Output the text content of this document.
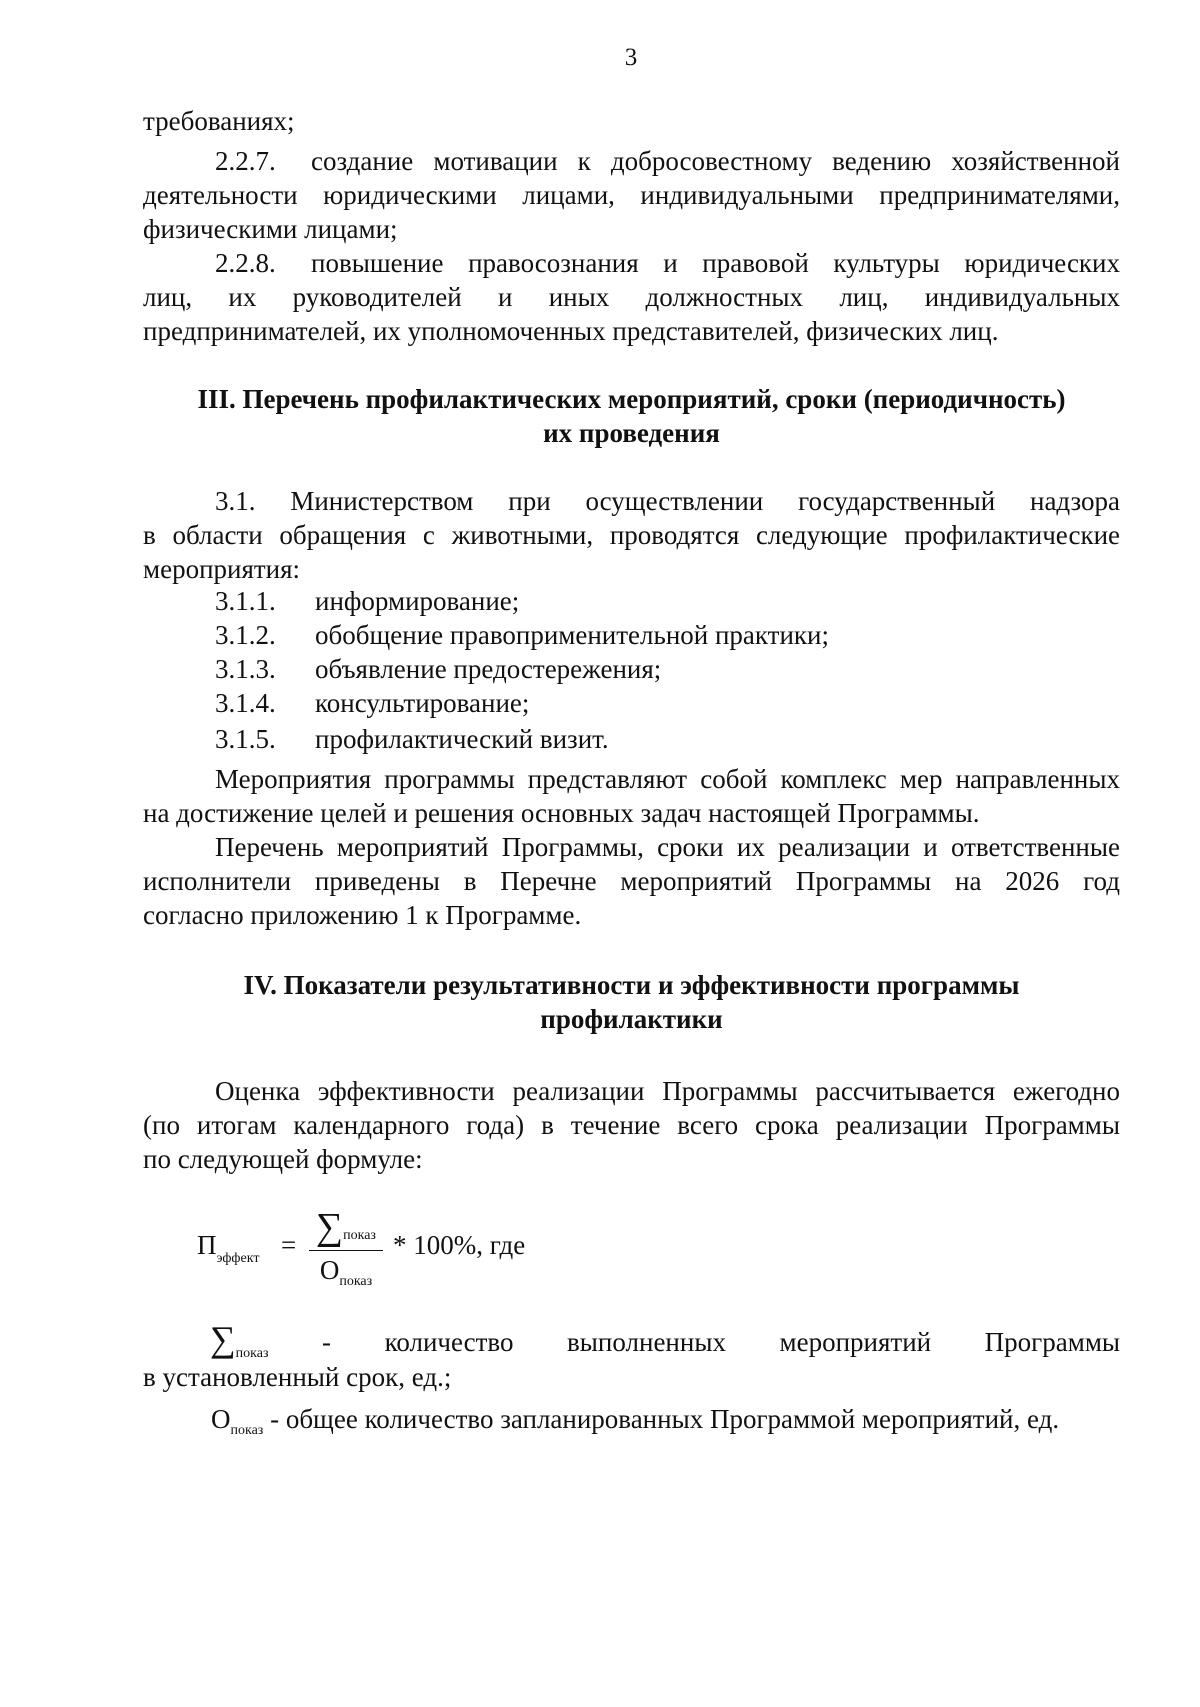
3
требованиях;
2.2.7. создание мотивации к добросовестному ведению хозяйственной
деятельности юридическими лицами, индивидуальными предпринимателями,
физическими лицами;
2.2.8. повышение правосознания и правовой культуры юридических
лиц, их руководителей и иных должностных лиц, индивидуальных
предпринимателей, их уполномоченных представителей, физических лиц.
III. Перечень профилактических мероприятий, сроки (периодичность)
их проведения
3.1. Министерством при осуществлении государственный надзора
в области обращения с животными, проводятся следующие профилактические
мероприятия:
3.1.1. информирование;
3.1.2. обобщение правоприменительной практики;
3.1.3. объявление предостережения;
3.1.4. консультирование;
3.1.5. профилактический визит.
Мероприятия программы представляют собой комплекс мер направленных
на достижение целей и решения основных задач настоящей Программы.
Перечень мероприятий Программы, сроки их реализации и ответственные
исполнители приведены в Перечне мероприятий Программы на 2026 год
согласно приложению 1 к Программе.
IV. Показатели результативности и эффективности программы
профилактики
Оценка эффективности реализации Программы рассчитывается ежегодно
(по итогам календарного года) в течение всего срока реализации Программы
по следующей формуле:
$П_{эффект} = \sum_{показ}$
$О_{показ}$
* 100%, где
$\sum_{показ}$ - количество выполненных мероприятий Программы
в установленный срок, ед.;
$О_{показ}$ - общее количество запланированных Программой мероприятий, ед.
